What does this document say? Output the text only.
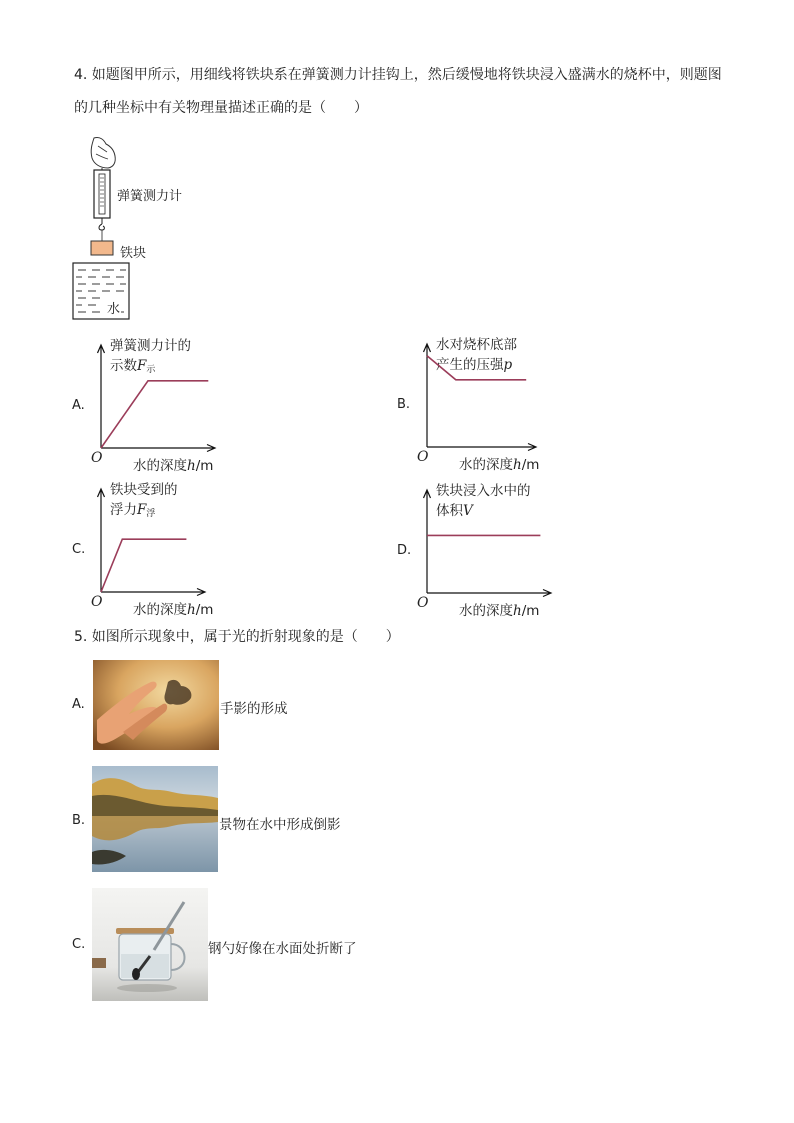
4. 如题图甲所示，用细线将铁块系在弹簧测力计挂钩上，然后缓慢地将铁块浸入盛满水的烧杯中，则题图
的几种坐标中有关物理量描述正确的是（　　）
弹簧测力计
铁块
水
A.
弹簧测力计的
示数$F_示$
O 水的深度h/m
B.
水对烧杯底部
产生的压强p
O 水的深度h/m
C.
铁块受到的
浮力$F_浮$
O 水的深度h/m
D.
铁块浸入水中的
体积V
O 水的深度h/m
5. 如图所示现象中，属于光的折射现象的是（　　）
A.	手影的形成
B.	景物在水中形成倒影
C.	钢勺好像在水面处折断了
